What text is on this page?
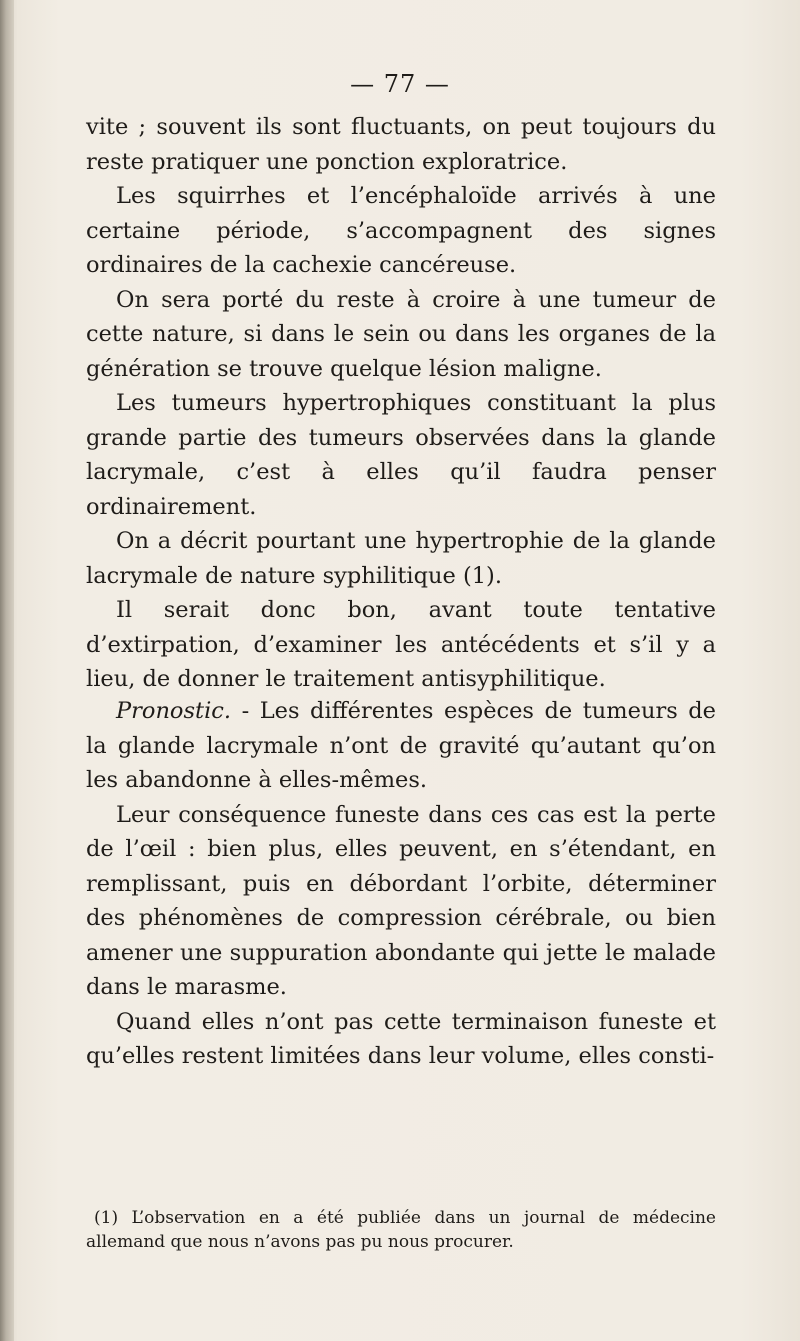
— 77 —

vite ; souvent ils sont fluctuants, on peut toujours du reste pratiquer une ponction exploratrice.

Les squirrhes et l’encéphaloïde arrivés à une certaine période, s’accompagnent des signes ordinaires de la cachexie cancéreuse.

On sera porté du reste à croire à une tumeur de cette nature, si dans le sein ou dans les organes de la génération se trouve quelque lésion maligne.

Les tumeurs hypertrophiques constituant la plus grande partie des tumeurs observées dans la glande lacrymale, c’est à elles qu’il faudra penser ordinairement.

On a décrit pourtant une hypertrophie de la glande lacrymale de nature syphilitique (1).

Il serait donc bon, avant toute tentative d’extirpation, d’examiner les antécédents et s’il y a lieu, de donner le traitement antisyphilitique.

Pronostic. - Les différentes espèces de tumeurs de la glande lacrymale n’ont de gravité qu’autant qu’on les abandonne à elles-mêmes.

Leur conséquence funeste dans ces cas est la perte de l’œil : bien plus, elles peuvent, en s’étendant, en remplissant, puis en débordant l’orbite, déterminer des phénomènes de compression cérébrale, ou bien amener une suppuration abondante qui jette le malade dans le marasme.

Quand elles n’ont pas cette terminaison funeste et qu’elles restent limitées dans leur volume, elles consti-

(1) L’observation en a été publiée dans un journal de médecine allemand que nous n’avons pas pu nous procurer.
